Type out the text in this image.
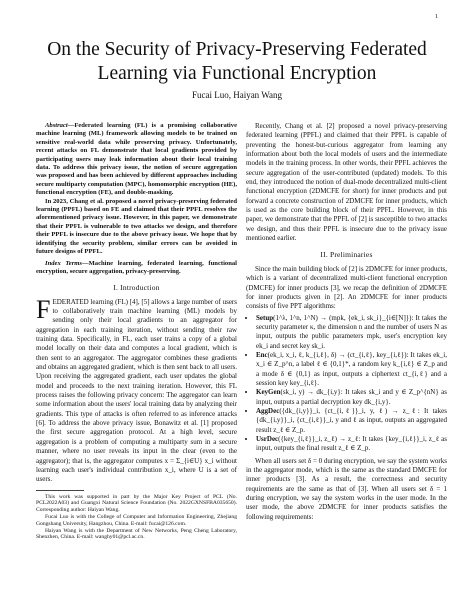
1
On the Security of Privacy-Preserving Federated Learning via Functional Encryption
Fucai Luo, Haiyan Wang

Abstract—Federated learning (FL) is a promising collaborative machine learning (ML) framework allowing models to be trained on sensitive real-world data while preserving privacy. Unfortunately, recent attacks on FL demonstrate that local gradients provided by participating users may leak information about their local training data. To address this privacy issue, the notion of secure aggregation was proposed and has been achieved by different approaches including secure multiparty computation (MPC), homomorphic encryption (HE), functional encryption (FE), and double-masking.

In 2023, Chang et al. proposed a novel privacy-preserving federated learning (PPFL) based on FE and claimed that their PPFL resolves the aforementioned privacy issue. However, in this paper, we demonstrate that their PPFL is vulnerable to two attacks we design, and therefore their PPFL is insecure due to the above privacy issue. We hope that by identifying the security problem, similar errors can be avoided in future designs of PPFL.

Index Terms—Machine learning, federated learning, functional encryption, secure aggregation, privacy-preserving.

I. Introduction

FEDERATED learning (FL) [4], [5] allows a large number of users to collaboratively train machine learning (ML) models by sending only their local gradients to an aggregator for aggregation in each training iteration, without sending their raw training data. Specifically, in FL, each user trains a copy of a global model locally on their data and computes a local gradient, which is then sent to an aggregator. The aggregator combines these gradients and obtains an aggregated gradient, which is then sent back to all users. Upon receiving the aggregated gradient, each user updates the global model and proceeds to the next training iteration. However, this FL process raises the following privacy concern: The aggregator can learn some information about the users' local training data by analyzing their gradients. This type of attacks is often referred to as inference attacks [6]. To address the above privacy issue, Bonawitz et al. [1] proposed the first secure aggregation protocol. At a high level, secure aggregation is a problem of computing a multiparty sum in a secure manner, where no user reveals its input in the clear (even to the aggregator); that is, the aggregator computes x = Σ_{i∈U} x_i without learning each user's individual contribution x_i, where U is a set of users.

This work was supported in part by the Major Key Project of PCL (No. PCL2022A03) and Guangxi Natural Science Foundation (No. 2022GXNSFBA035650). Corresponding author: Haiyan Wang.

Fucai Luo is with the College of Computer and Information Engineering, Zhejiang Gongshang University, Hangzhou, China. E-mail: fucai@126.com.

Haiyan Wang is with the Department of New Networks, Peng Cheng Laboratory, Shenzhen, China. E-mail: wanghy01@pcl.ac.cn.

Recently, Chang et al. [2] proposed a novel privacy-preserving federated learning (PPFL) and claimed that their PPFL is capable of preventing the honest-but-curious aggregator from learning any information about both the local models of users and the intermediate models in the training process. In other words, their PPFL achieves the secure aggregation of the user-contributed (updated) models. To this end, they introduced the notion of dual-mode decentralized multi-client functional encryption (2DMCFE for short) for inner products and put forward a concrete construction of 2DMCFE for inner products, which is used as the core building block of their PPFL. However, in this paper, we demonstrate that the PPFL of [2] is susceptible to two attacks we design, and thus their PPFL is insecure due to the privacy issue mentioned earlier.

II. Preliminaries

Since the main building block of [2] is 2DMCFE for inner products, which is a variant of decentralized multi-client functional encryption (DMCFE) for inner products [3], we recap the definition of 2DMCFE for inner products given in [2]. An 2DMCFE for inner products consists of five PPT algorithms:

• Setup(1^λ, 1^n, 1^N) → (mpk, {ek_i, sk_i}_{i∈[N]}): It takes the security parameter κ, the dimension n and the number of users N as input, outputs the public parameters mpk, user's encryption key ek_i and secret key sk_i.
• Enc(ek_i, x_i, ℓ, k_{i,ℓ}, δ) → (ct_{i,ℓ}, key_{i,ℓ}): It takes ek_i, x_i ∈ Z_p^n, a label ℓ ∈ {0,1}*, a random key k_{i,ℓ} ∈ Z_p and a mode δ ∈ {0,1} as input, outputs a ciphertext ct_{i,ℓ} and a session key key_{i,ℓ}.
• KeyGen(sk_i, y) → dk_{i,y}: It takes sk_i and y ∈ Z_p^{nN} as input, outputs a partial decryption key dk_{i,y}.
• AggDec({dk_{i,y}}_i, {ct_{i,ℓ}}_i, y, ℓ) → z_ℓ: It takes {dk_{i,y}}_i, {ct_{i,ℓ}}_i, y and ℓ as input, outputs an aggregated result z_ℓ ∈ Z_p.
• UsrDec({key_{i,ℓ}}_i, z_ℓ) → z_ℓ: It takes {key_{i,ℓ}}_i, z_ℓ as input, outputs the final result z_ℓ ∈ Z_p.

When all users set δ = 0 during encryption, we say the system works in the aggregator mode, which is the same as the standard DMCFE for inner products [3]. As a result, the correctness and security requirements are the same as that of [3]. When all users set δ = 1 during encryption, we say the system works in the user mode. In the user mode, the above 2DMCFE for inner products satisfies the following requirements:
